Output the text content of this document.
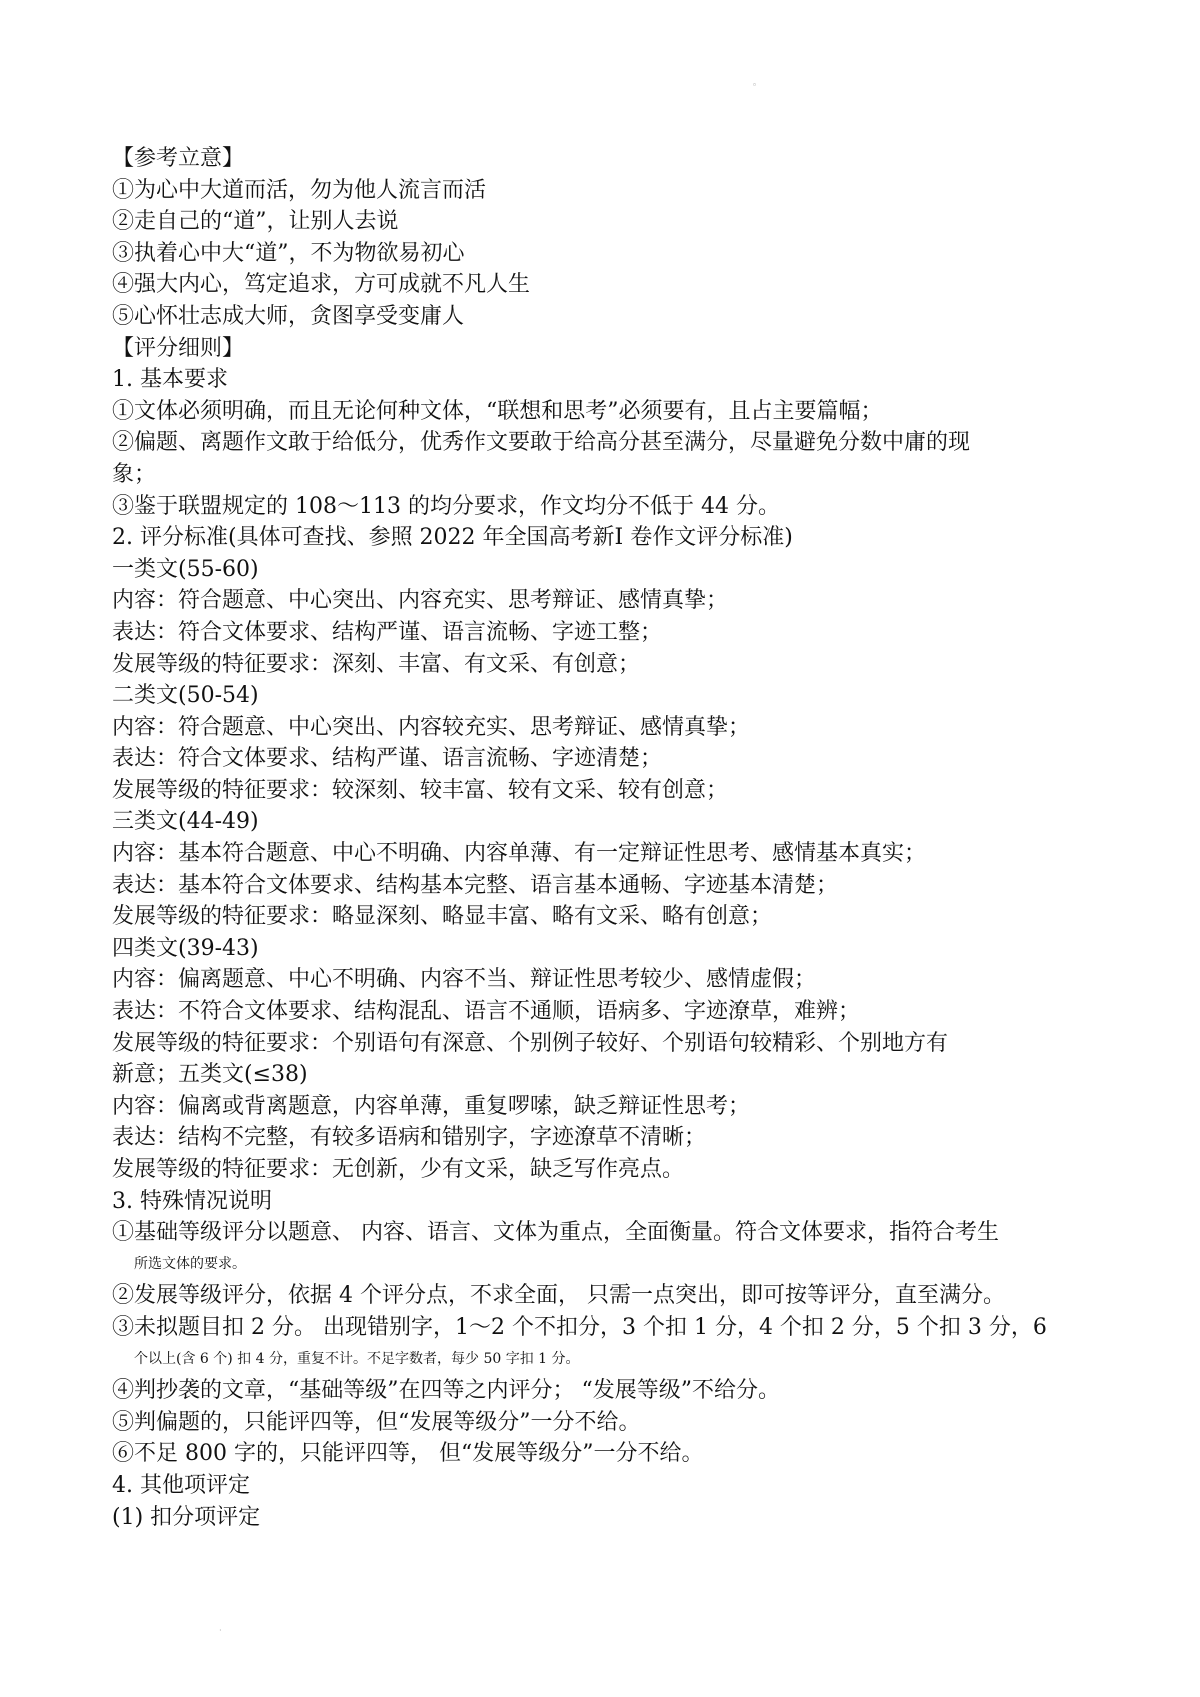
▫
·
【参考立意】
①为心中大道而活，勿为他人流言而活
②走自己的“道”，让别人去说
③执着心中大“道”，不为物欲易初心
④强大内心，笃定追求，方可成就不凡人生
⑤心怀壮志成大师，贪图享受变庸人
【评分细则】
1. 基本要求
①文体必须明确，而且无论何种文体，“联想和思考”必须要有，且占主要篇幅；
②偏题、离题作文敢于给低分，优秀作文要敢于给高分甚至满分，尽量避免分数中庸的现
象；
③鉴于联盟规定的 108～113 的均分要求，作文均分不低于 44 分。
2. 评分标准(具体可查找、参照 2022 年全国高考新Ⅰ 卷作文评分标准)
一类文(55-60)
内容：符合题意、中心突出、内容充实、思考辩证、感情真挚；
表达：符合文体要求、结构严谨、语言流畅、字迹工整；
发展等级的特征要求：深刻、丰富、有文采、有创意；
二类文(50-54)
内容：符合题意、中心突出、内容较充实、思考辩证、感情真挚；
表达：符合文体要求、结构严谨、语言流畅、字迹清楚；
发展等级的特征要求：较深刻、较丰富、较有文采、较有创意；
三类文(44-49)
内容：基本符合题意、中心不明确、内容单薄、有一定辩证性思考、感情基本真实；
表达：基本符合文体要求、结构基本完整、语言基本通畅、字迹基本清楚；
发展等级的特征要求：略显深刻、略显丰富、略有文采、略有创意；
四类文(39-43)
内容：偏离题意、中心不明确、内容不当、辩证性思考较少、感情虚假；
表达：不符合文体要求、结构混乱、语言不通顺，语病多、字迹潦草，难辨；
发展等级的特征要求：个别语句有深意、个别例子较好、个别语句较精彩、个别地方有
新意；五类文(≤38)
内容：偏离或背离题意，内容单薄，重复啰嗦，缺乏辩证性思考；
表达：结构不完整，有较多语病和错别字，字迹潦草不清晰；
发展等级的特征要求：无创新，少有文采，缺乏写作亮点。
3. 特殊情况说明
①基础等级评分以题意、 内容、语言、文体为重点，全面衡量。符合文体要求，指符合考生
所选文体的要求。
②发展等级评分，依据 4 个评分点，不求全面， 只需一点突出，即可按等评分，直至满分。
③未拟题目扣 2 分。 出现错别字，1～2 个不扣分，3 个扣 1 分，4 个扣 2 分，5 个扣 3 分，6
个以上(含 6 个) 扣 4 分，重复不计。不足字数者，每少 50 字扣 1 分。
④判抄袭的文章，“基础等级”在四等之内评分； “发展等级”不给分。
⑤判偏题的，只能评四等，但“发展等级分”一分不给。
⑥不足 800 字的，只能评四等， 但“发展等级分”一分不给。
4. 其他项评定
(1) 扣分项评定
